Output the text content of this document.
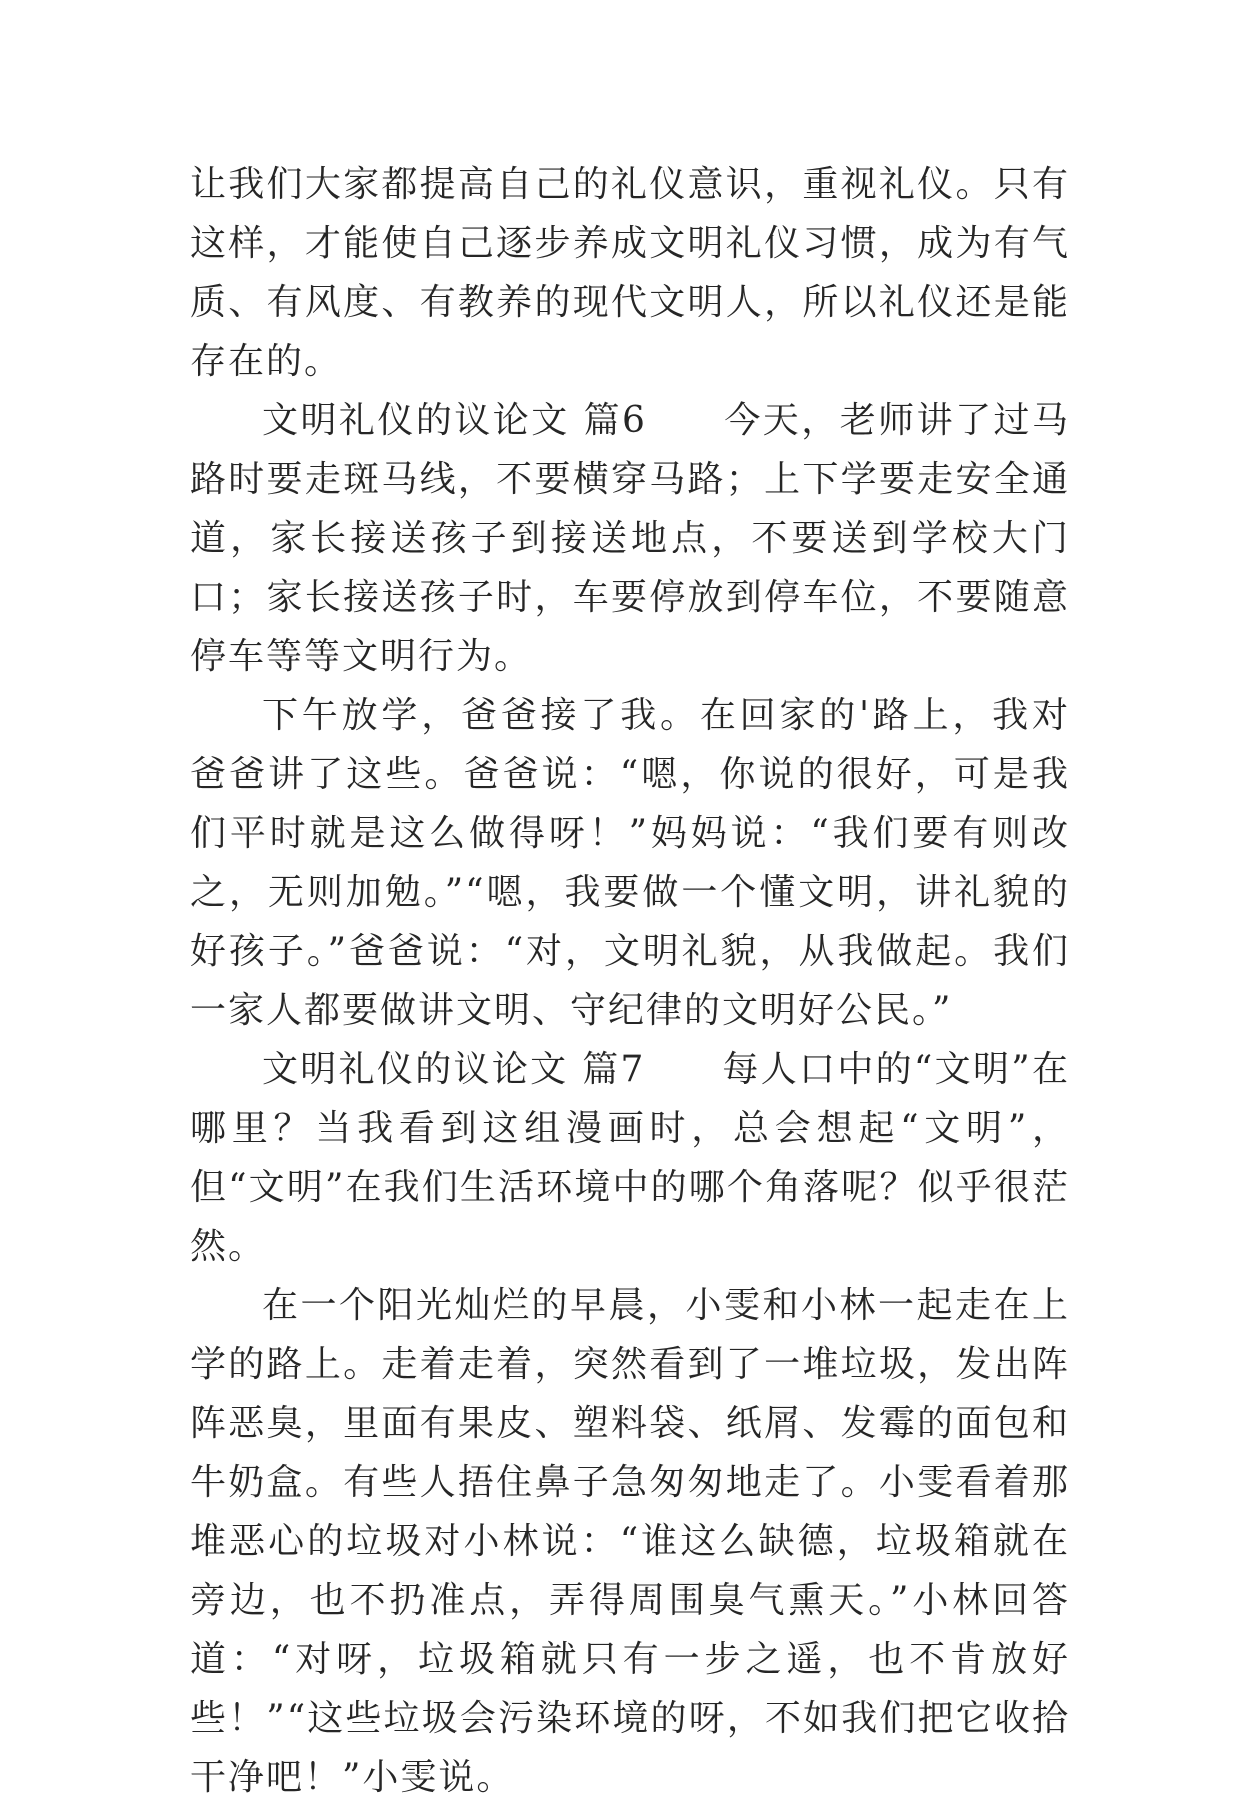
让我们大家都提高自己的礼仪意识，重视礼仪。只有这样，才能使自己逐步养成文明礼仪习惯，成为有气质、有风度、有教养的现代文明人，所以礼仪还是能存在的。

文明礼仪的议论文 篇6　　今天，老师讲了过马路时要走斑马线，不要横穿马路；上下学要走安全通道，家长接送孩子到接送地点，不要送到学校大门口；家长接送孩子时，车要停放到停车位，不要随意停车等等文明行为。

下午放学，爸爸接了我。在回家的'路上，我对爸爸讲了这些。爸爸说：“嗯，你说的很好，可是我们平时就是这么做得呀！”妈妈说：“我们要有则改之，无则加勉。”“嗯，我要做一个懂文明，讲礼貌的好孩子。”爸爸说：“对，文明礼貌，从我做起。我们一家人都要做讲文明、守纪律的文明好公民。”

文明礼仪的议论文 篇7　　每人口中的“文明”在哪里？当我看到这组漫画时，总会想起“文明”，但“文明”在我们生活环境中的哪个角落呢？似乎很茫然。

在一个阳光灿烂的早晨，小雯和小林一起走在上学的路上。走着走着，突然看到了一堆垃圾，发出阵阵恶臭，里面有果皮、塑料袋、纸屑、发霉的面包和牛奶盒。有些人捂住鼻子急匆匆地走了。小雯看着那堆恶心的垃圾对小林说：“谁这么缺德，垃圾箱就在旁边，也不扔准点，弄得周围臭气熏天。”小林回答道：“对呀，垃圾箱就只有一步之遥，也不肯放好些！”“这些垃圾会污染环境的呀，不如我们把它收拾干净吧！”小雯说。
